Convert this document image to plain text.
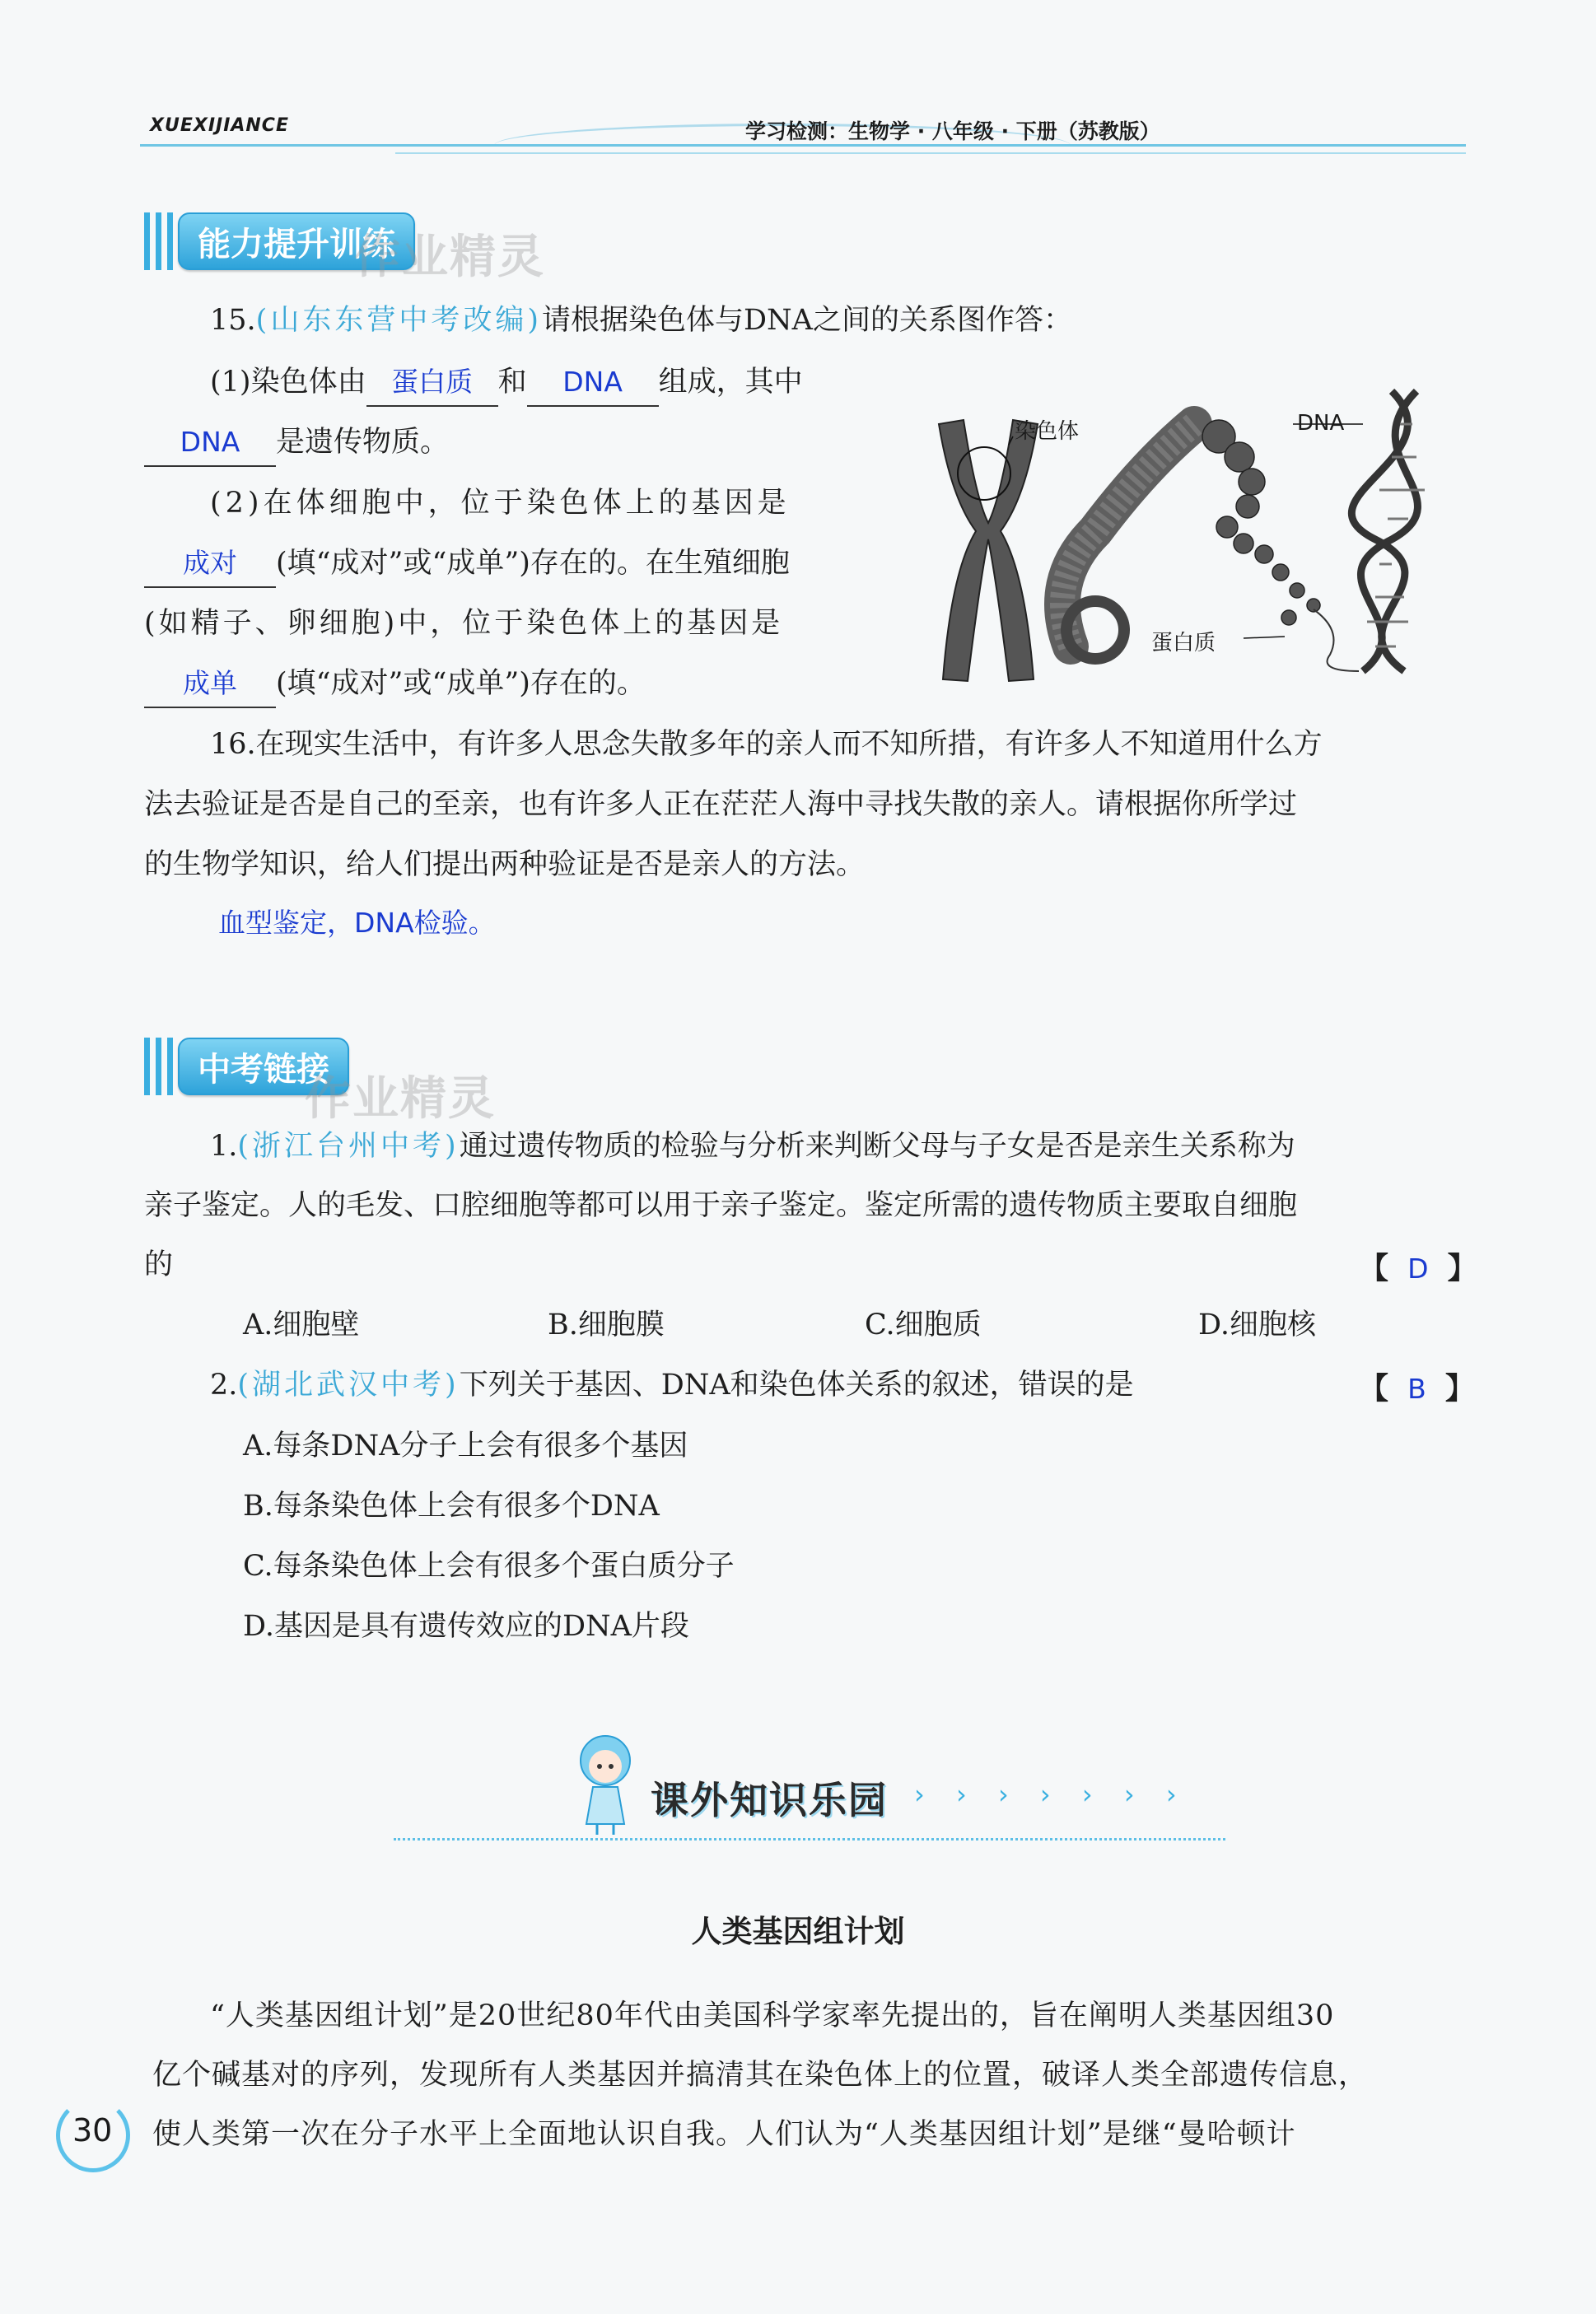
XUEXIJIANCE	学习检测：生物学 · 八年级 · 下册（苏教版）
能力提升训练
作业精灵
15.(山东东营中考改编)请根据染色体与DNA之间的关系图作答：
(1)染色体由 蛋白质 和 DNA 组成，其中
DNA 是遗传物质。
(2)在体细胞中，位于染色体上的基因是
成对 (填“成对”或“成单”)存在的。在生殖细胞
(如精子、卵细胞)中，位于染色体上的基因是
成单 (填“成对”或“成单”)存在的。
染色体	DNA
蛋白质
16.在现实生活中，有许多人思念失散多年的亲人而不知所措，有许多人不知道用什么方
法去验证是否是自己的至亲，也有许多人正在茫茫人海中寻找失散的亲人。请根据你所学过
的生物学知识，给人们提出两种验证是否是亲人的方法。
血型鉴定，DNA检验。
中考链接
作业精灵
1.(浙江台州中考)通过遗传物质的检验与分析来判断父母与子女是否是亲生关系称为
亲子鉴定。人的毛发、口腔细胞等都可以用于亲子鉴定。鉴定所需的遗传物质主要取自细胞
的	【 D 】
A.细胞壁	B.细胞膜	C.细胞质	D.细胞核
2.(湖北武汉中考)下列关于基因、DNA和染色体关系的叙述，错误的是	【 B 】
A.每条DNA分子上会有很多个基因
B.每条染色体上会有很多个DNA
C.每条染色体上会有很多个蛋白质分子
D.基因是具有遗传效应的DNA片段
课外知识乐园 › › › › › › ›
人类基因组计划
“人类基因组计划”是20世纪80年代由美国科学家率先提出的，旨在阐明人类基因组30
亿个碱基对的序列，发现所有人类基因并搞清其在染色体上的位置，破译人类全部遗传信息，
使人类第一次在分子水平上全面地认识自我。人们认为“人类基因组计划”是继“曼哈顿计
30
